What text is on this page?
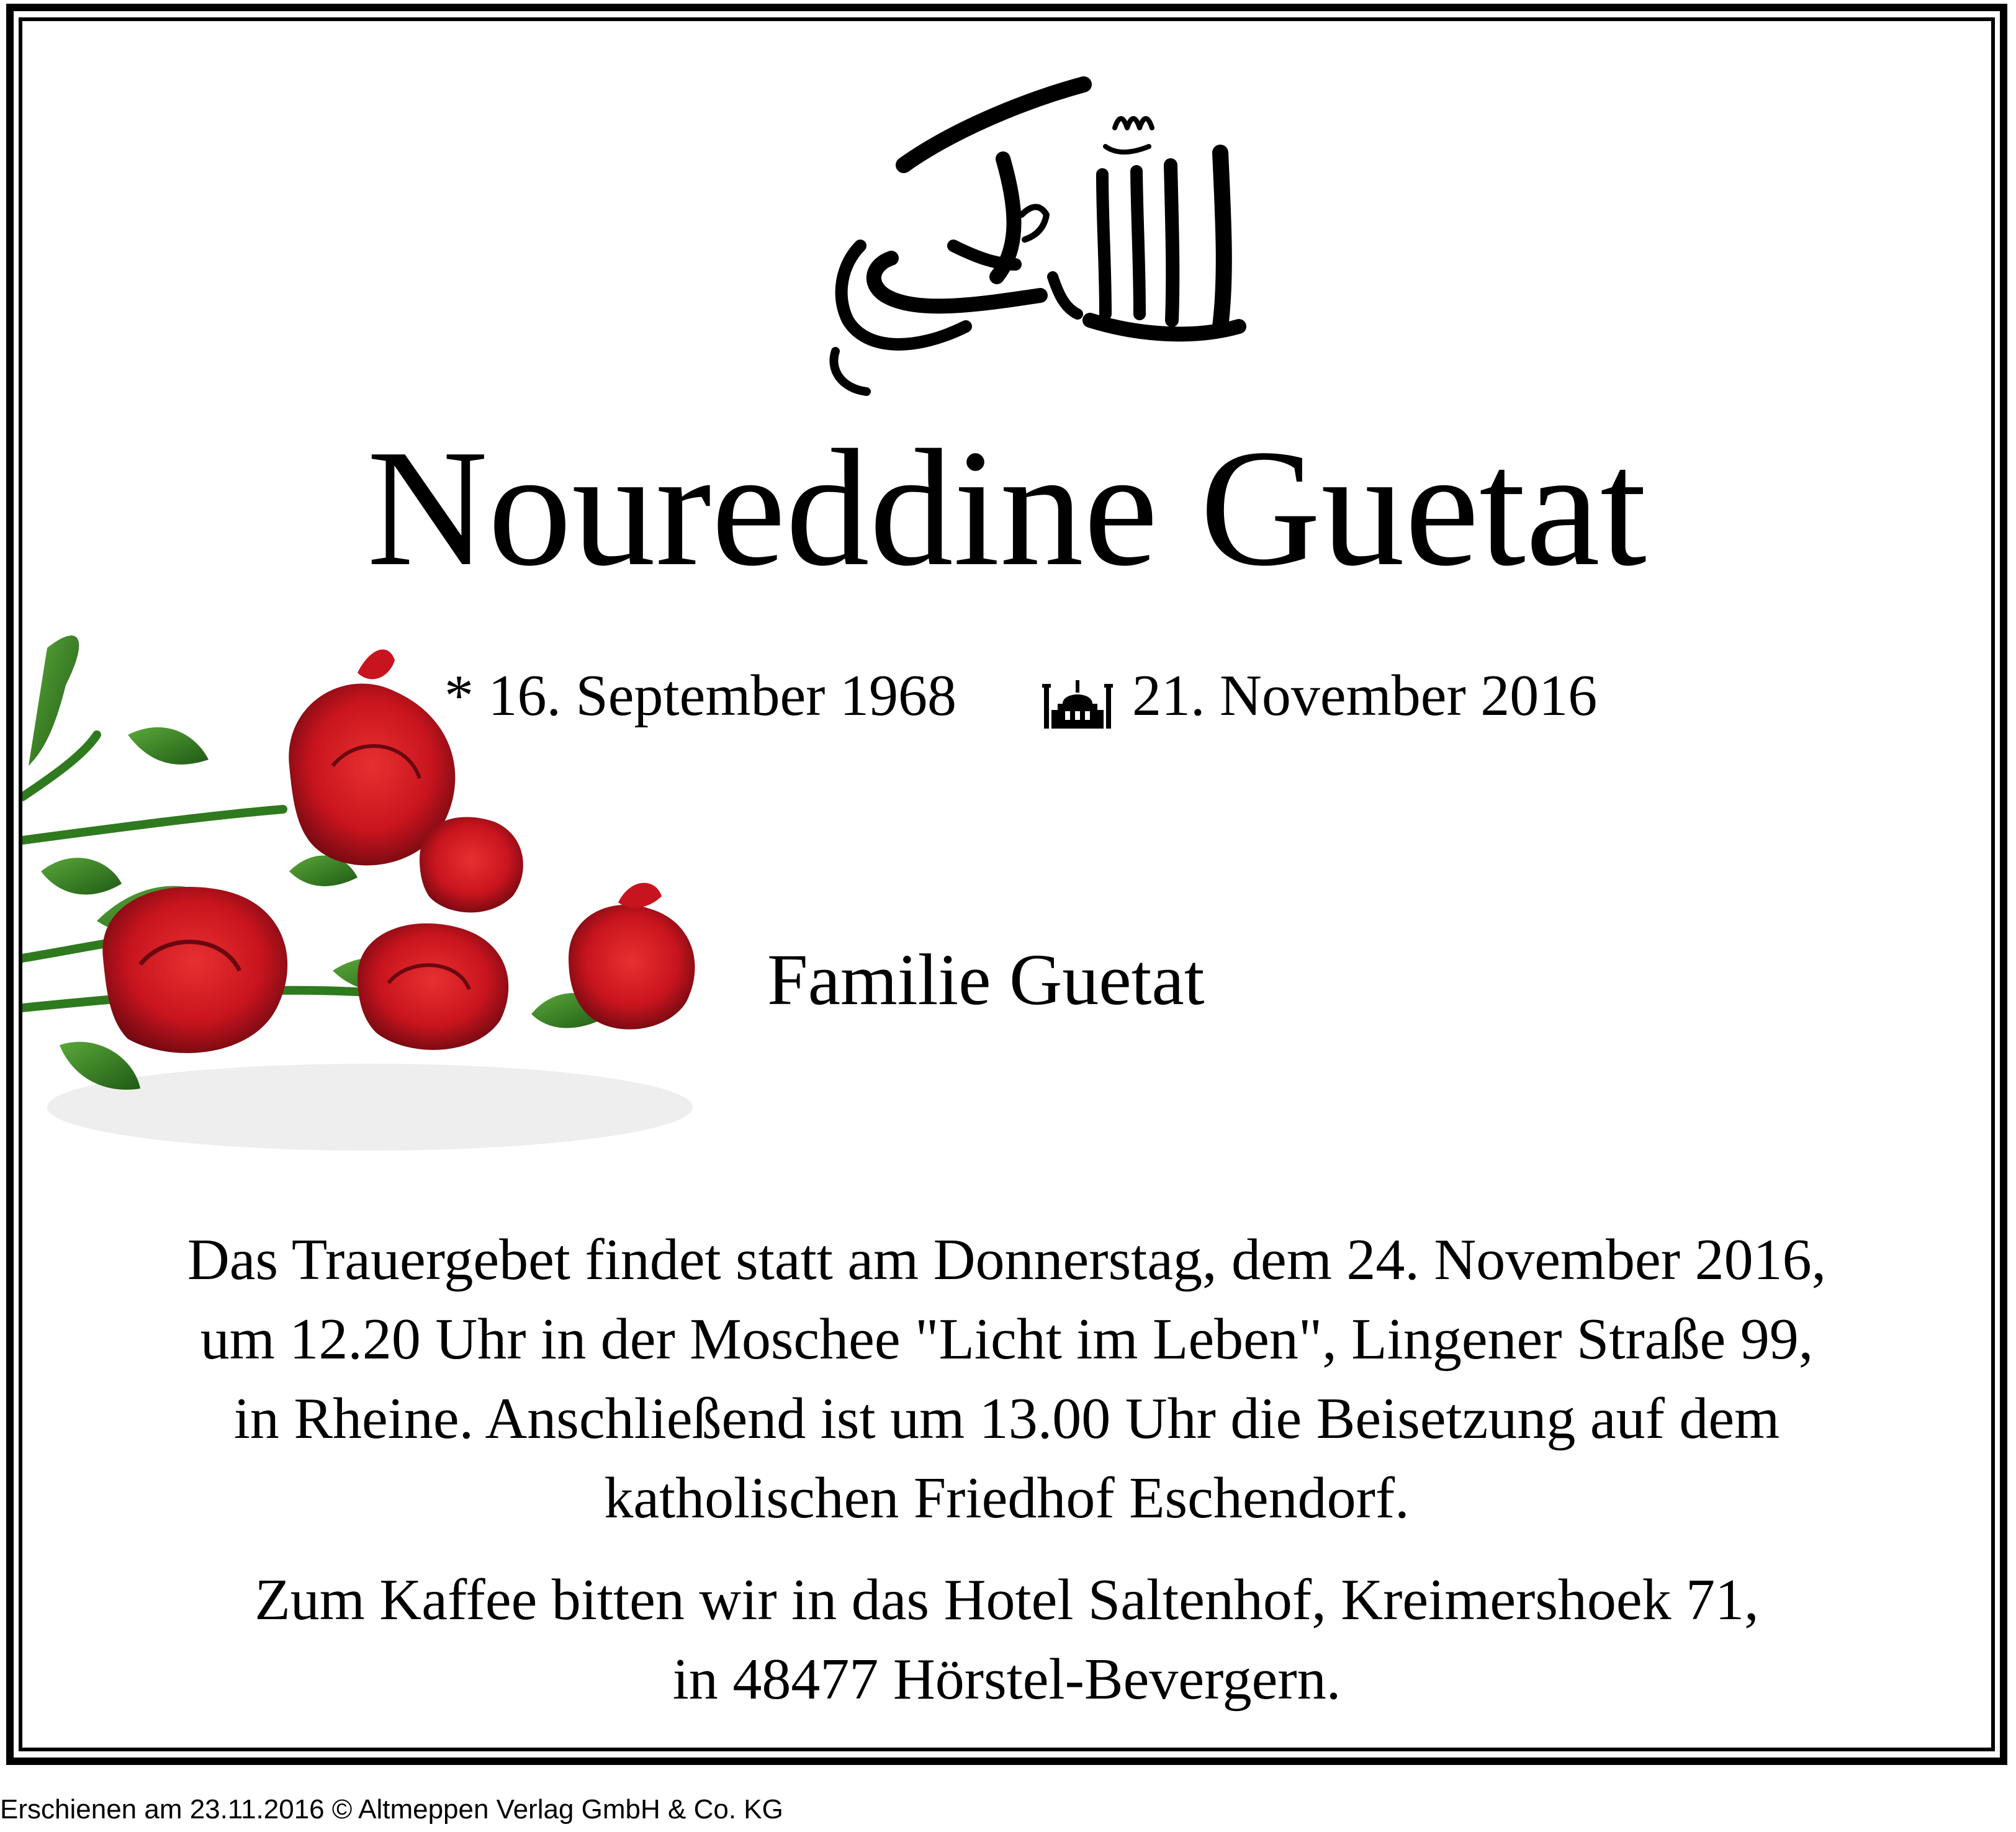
Noureddine Guetat
* 16. September 1968	21. November 2016
Familie Guetat
Das Trauergebet findet statt am Donnerstag, dem 24. November 2016,
um 12.20 Uhr in der Moschee "Licht im Leben", Lingener Straße 99,
in Rheine. Anschließend ist um 13.00 Uhr die Beisetzung auf dem
katholischen Friedhof Eschendorf.
Zum Kaffee bitten wir in das Hotel Saltenhof, Kreimershoek 71,
in 48477 Hörstel-Bevergern.
Erschienen am 23.11.2016 © Altmeppen Verlag GmbH & Co. KG
